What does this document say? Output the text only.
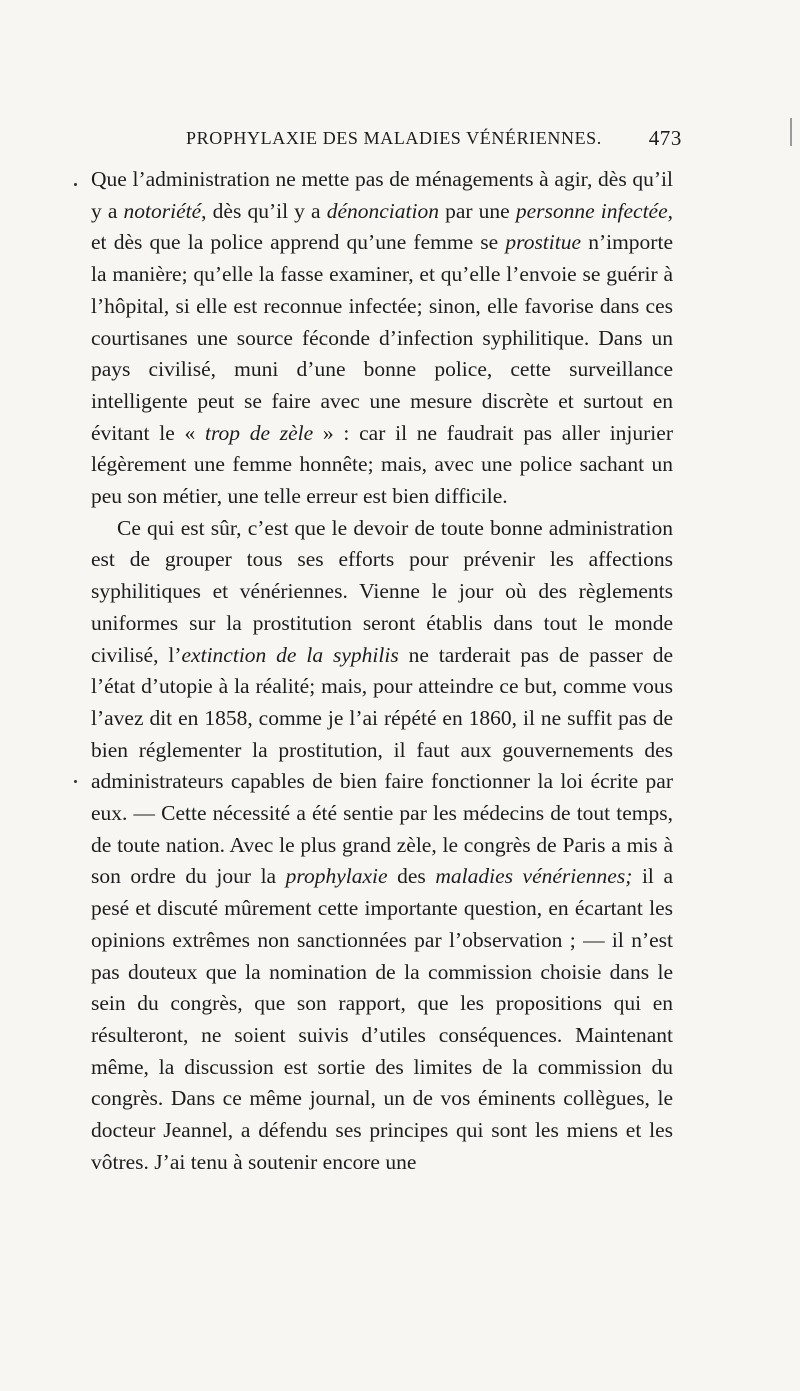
PROPHYLAXIE DES MALADIES VÉNÉRIENNES. 473

Que l’administration ne mette pas de ménagements à agir, dès qu’il y a notoriété, dès qu’il y a dénonciation par une personne infectée, et dès que la police apprend qu’une femme se prostitue n’importe la manière; qu’elle la fasse examiner, et qu’elle l’envoie se guérir à l’hôpital, si elle est reconnue infectée; sinon, elle favorise dans ces courtisanes une source féconde d’infection syphilitique. Dans un pays civilisé, muni d’une bonne police, cette surveillance intelligente peut se faire avec une mesure discrète et surtout en évitant le « trop de zèle » : car il ne faudrait pas aller injurier légèrement une femme honnête; mais, avec une police sachant un peu son métier, une telle erreur est bien difficile.

Ce qui est sûr, c’est que le devoir de toute bonne administration est de grouper tous ses efforts pour prévenir les affections syphilitiques et vénériennes. Vienne le jour où des règlements uniformes sur la prostitution seront établis dans tout le monde civilisé, l’extinction de la syphilis ne tarderait pas de passer de l’état d’utopie à la réalité; mais, pour atteindre ce but, comme vous l’avez dit en 1858, comme je l’ai répété en 1860, il ne suffit pas de bien réglementer la prostitution, il faut aux gouvernements des administrateurs capables de bien faire fonctionner la loi écrite par eux. — Cette nécessité a été sentie par les médecins de tout temps, de toute nation. Avec le plus grand zèle, le congrès de Paris a mis à son ordre du jour la prophylaxie des maladies vénériennes; il a pesé et discuté mûrement cette importante question, en écartant les opinions extrêmes non sanctionnées par l’observation ; — il n’est pas douteux que la nomination de la commission choisie dans le sein du congrès, que son rapport, que les propositions qui en résulteront, ne soient suivis d’utiles conséquences. Maintenant même, la discussion est sortie des limites de la commission du congrès. Dans ce même journal, un de vos éminents collègues, le docteur Jeannel, a défendu ses principes qui sont les miens et les vôtres. J’ai tenu à soutenir encore une
